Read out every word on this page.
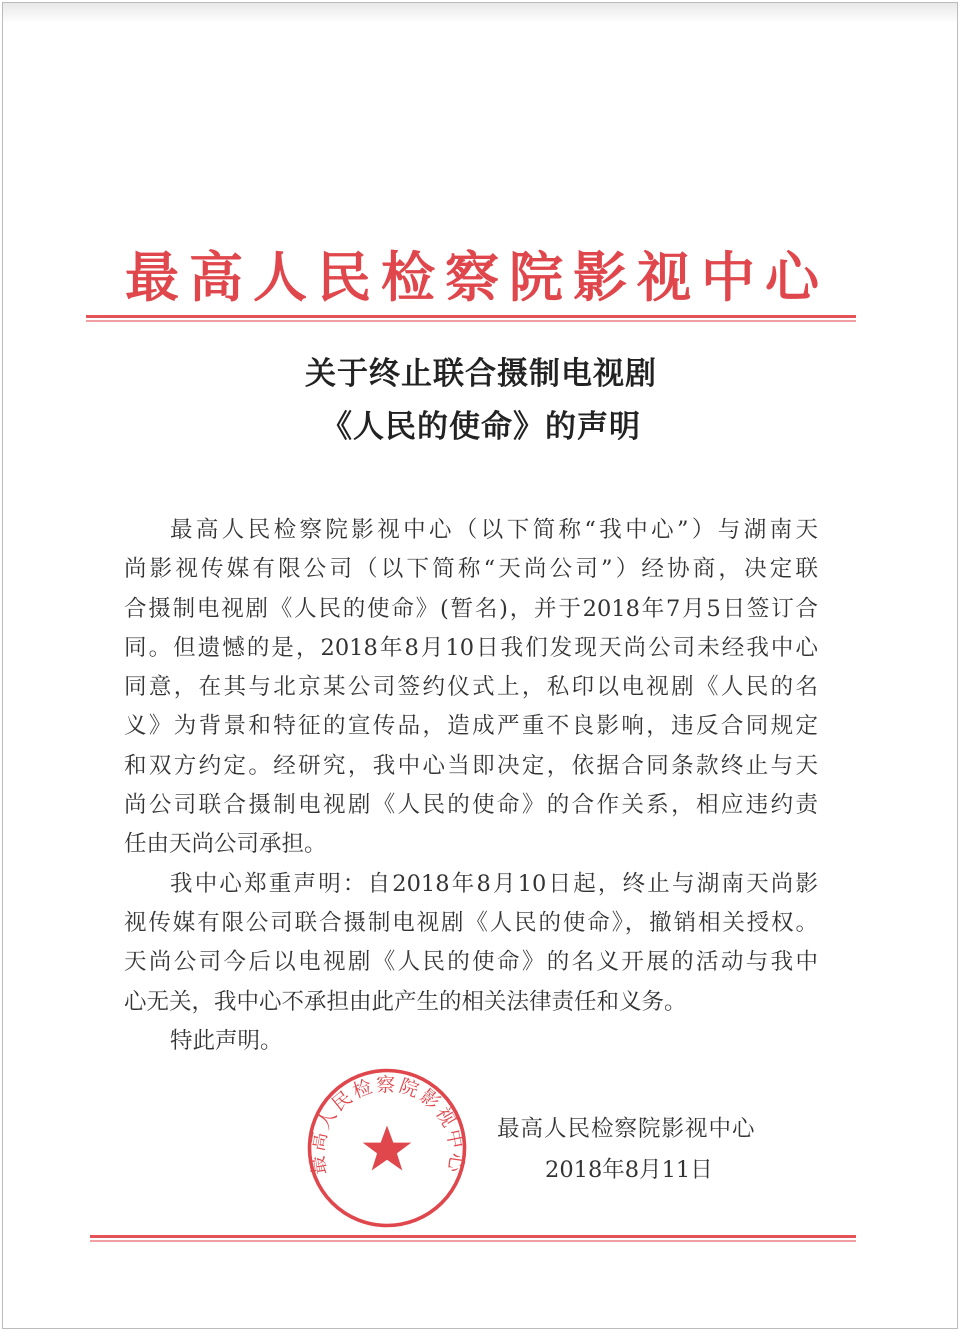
最高人民检察院影视中心
关于终止联合摄制电视剧
《人民的使命》的声明
最高人民检察院影视中心（以下简称“我中心”）与湖南天
尚影视传媒有限公司（以下简称“天尚公司”）经协商，决定联
合摄制电视剧《人民的使命》(暂名)，并于2018年7月5日签订合
同。但遗憾的是，2018年8月10日我们发现天尚公司未经我中心
同意，在其与北京某公司签约仪式上，私印以电视剧《人民的名
义》为背景和特征的宣传品，造成严重不良影响，违反合同规定
和双方约定。经研究，我中心当即决定，依据合同条款终止与天
尚公司联合摄制电视剧《人民的使命》的合作关系，相应违约责
任由天尚公司承担。
我中心郑重声明：自2018年8月10日起，终止与湖南天尚影
视传媒有限公司联合摄制电视剧《人民的使命》，撤销相关授权。
天尚公司今后以电视剧《人民的使命》的名义开展的活动与我中
心无关，我中心不承担由此产生的相关法律责任和义务。
特此声明。
最高人民检察院影视中心
最高人民检察院影视中心
2018年8月11日
